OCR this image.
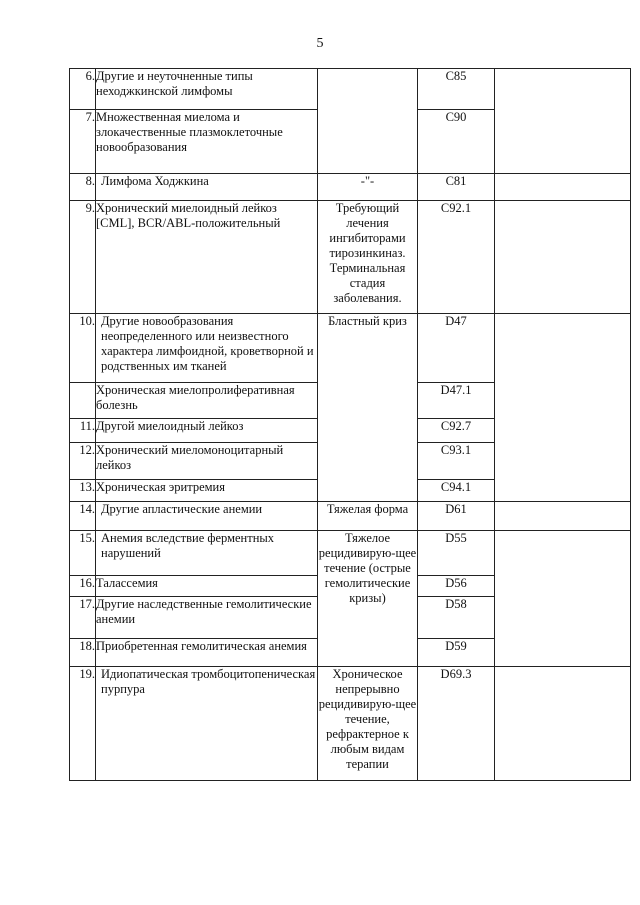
5
6.	Другие и неуточненные типы неходжкинской лимфомы		C85	
7.	Множественная миелома и злокачественные плазмоклеточные новообразования		C90	
8.	Лимфома Ходжкина	-"-	C81	
9.	Хронический миелоидный лейкоз [CML], BCR/ABL-положительный	Требующий лечения ингибиторами тирозинкиназ. Терминальная стадия заболевания.	C92.1	
10.	Другие новообразования неопределенного или неизвестного характера лимфоидной, кроветворной и родственных им тканей	Бластный криз	D47	
	Хроническая миелопролиферативная болезнь		D47.1	
11.	Другой миелоидный лейкоз		C92.7	
12.	Хронический миеломоноцитарный лейкоз		C93.1	
13.	Хроническая эритремия		C94.1	
14.	Другие апластические анемии	Тяжелая форма	D61	
15.	Анемия вследствие ферментных нарушений	Тяжелое рецидивирую-щее течение (острые гемолитические кризы)	D55	
16.	Талассемия		D56	
17.	Другие наследственные гемолитические анемии		D58	
18.	Приобретенная гемолитическая анемия		D59	
19.	Идиопатическая тромбоцитопеническая пурпура	Хроническое непрерывно рецидивирую-щее течение, рефрактерное к любым видам терапии	D69.3	
